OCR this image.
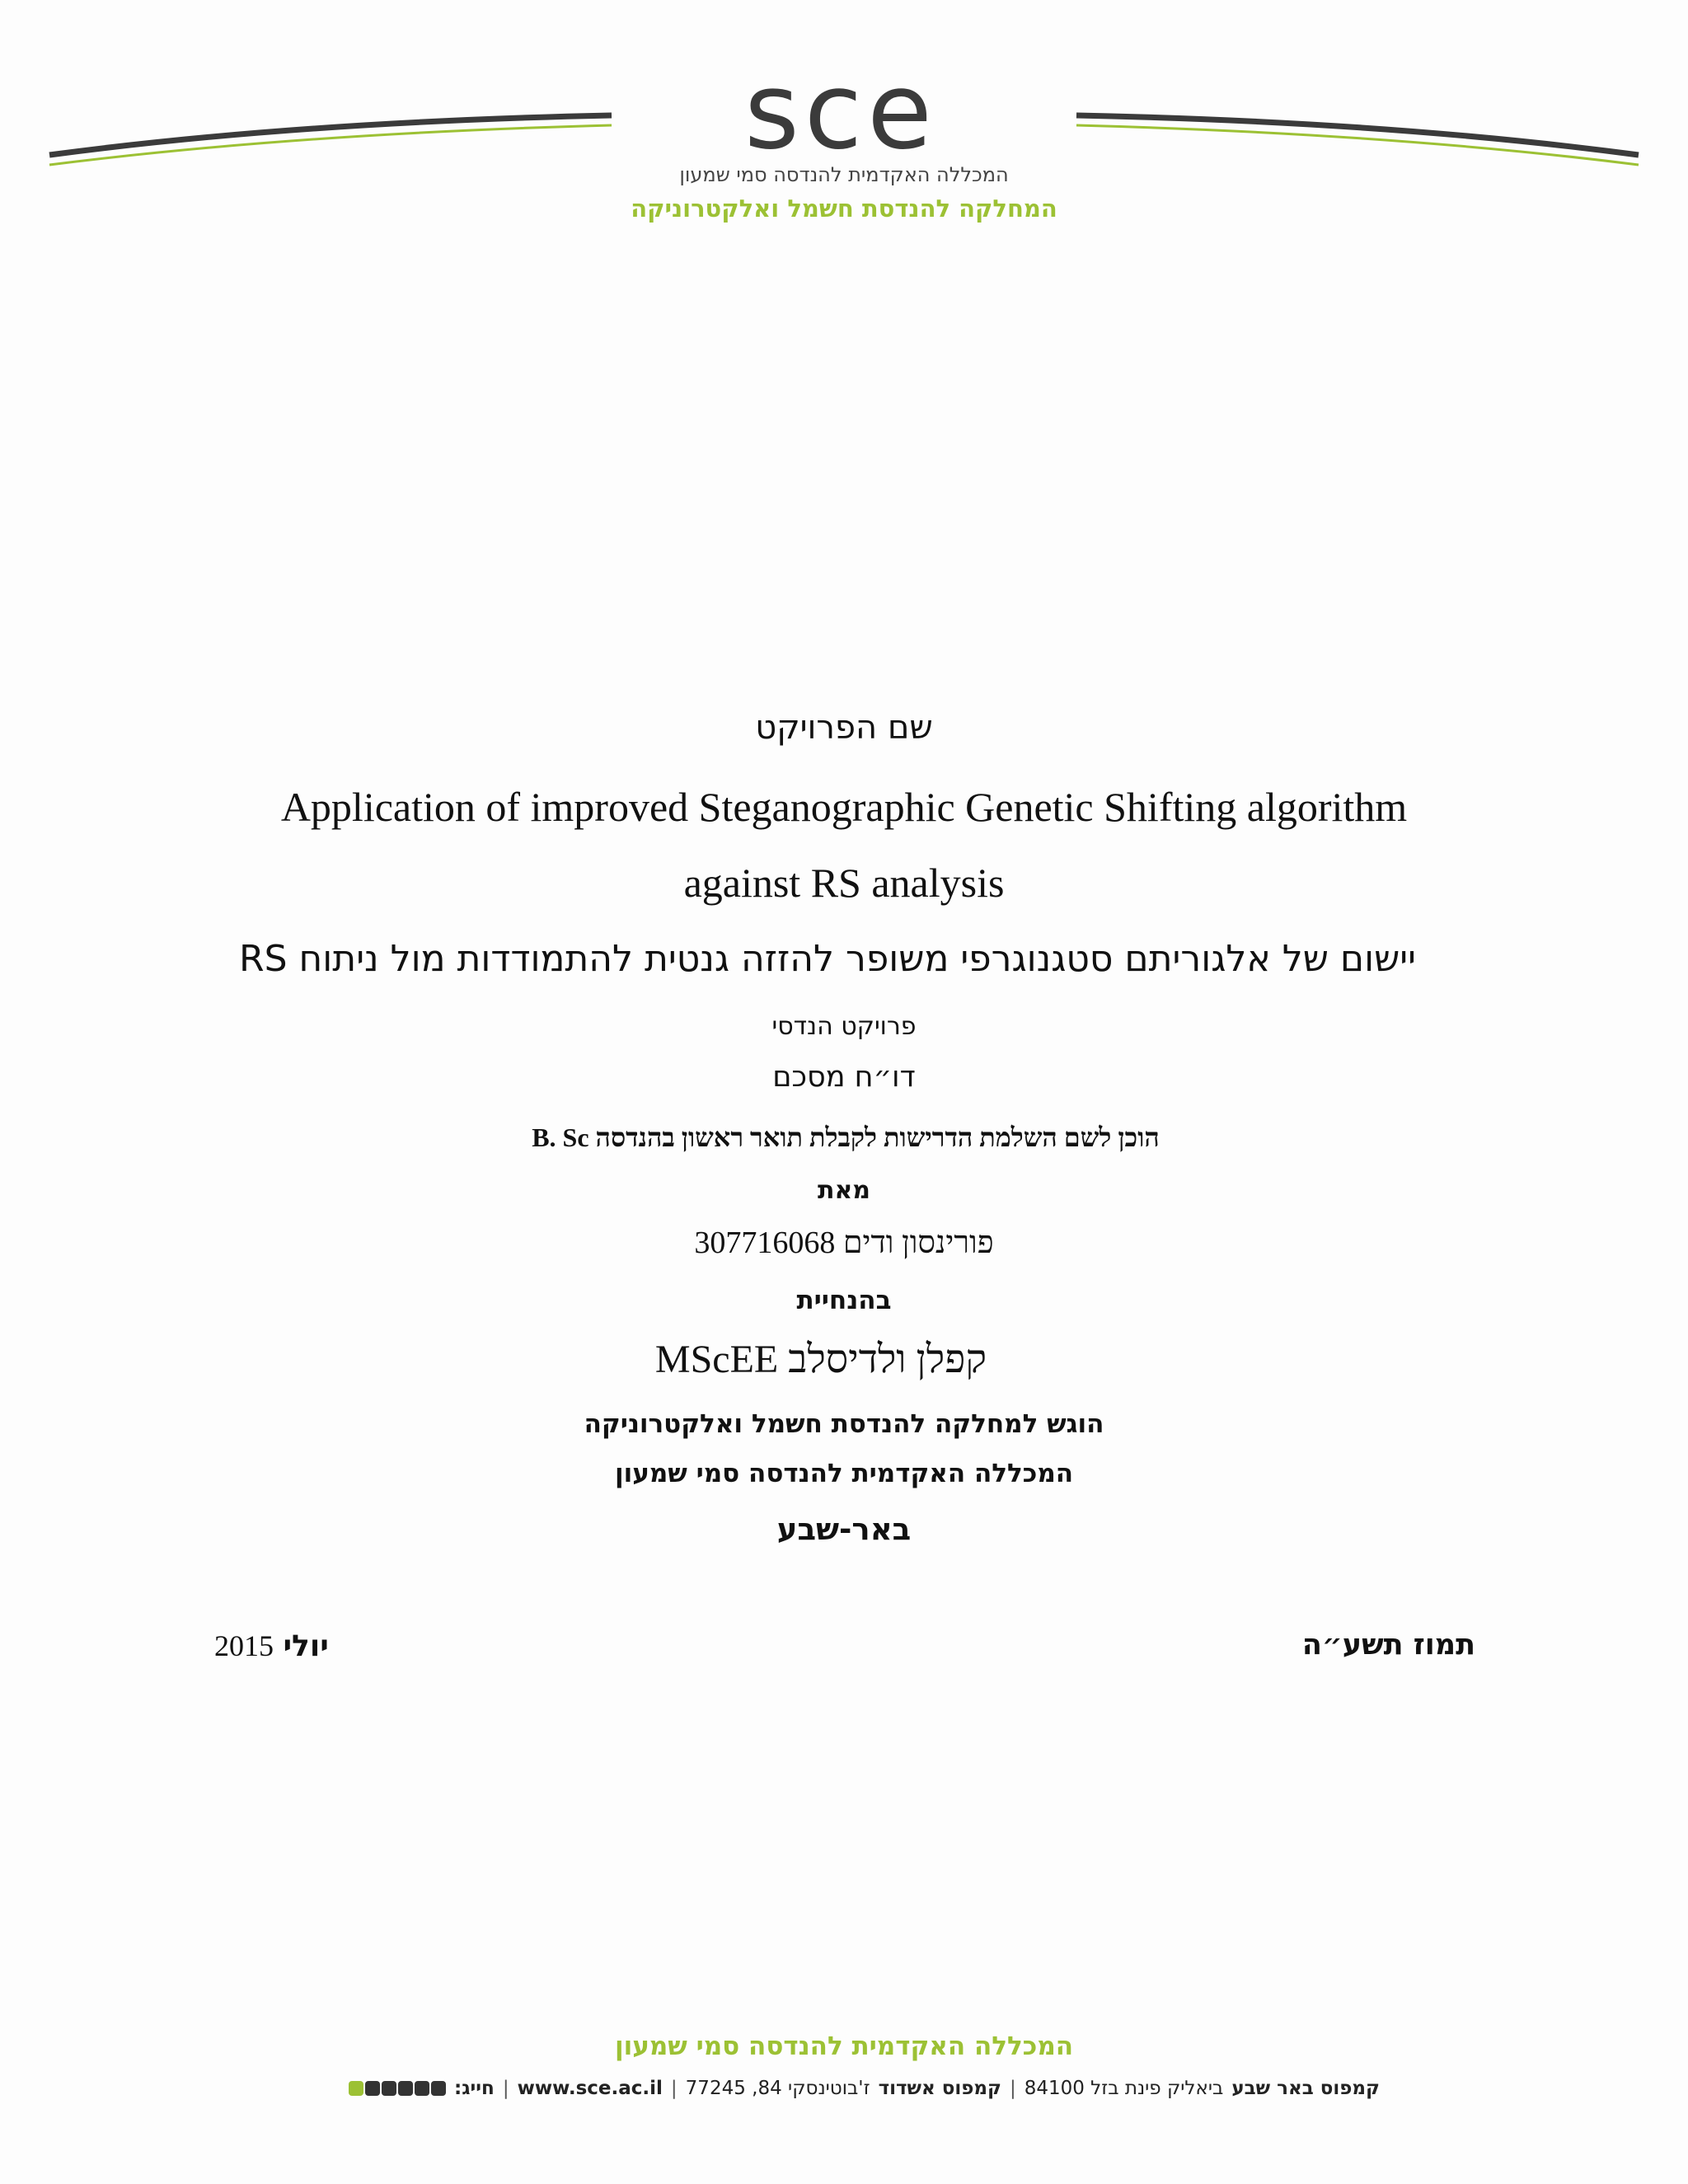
sce
המכללה האקדמית להנדסה סמי שמעון
המחלקה להנדסת חשמל ואלקטרוניקה
שם הפרויקט
Application of improved Steganographic Genetic Shifting algorithm
against RS analysis
יישום של אלגוריתם סטגנוגרפי משופר להזזה גנטית להתמודדות מול ניתוח RS
פרויקט הנדסי
דו״ח מסכם
הוכן לשם השלמת הדרישות לקבלת תואר ראשון בהנדסה B. Sc
מאת
פורינסון ודים 307716068
בהנחיית
קפלן ולדיסלב MScEE
הוגש למחלקה להנדסת חשמל ואלקטרוניקה
המכללה האקדמית להנדסה סמי שמעון
באר-שבע
2015 יולי	תמוז תשע״ה
המכללה האקדמית להנדסה סמי שמעון
קמפוס באר שבע
ביאליק פינת בזל 84100
|
קמפוס אשדוד
ז'בוטינסקי 84, 77245
|
www.sce.ac.il
|
חייג:
